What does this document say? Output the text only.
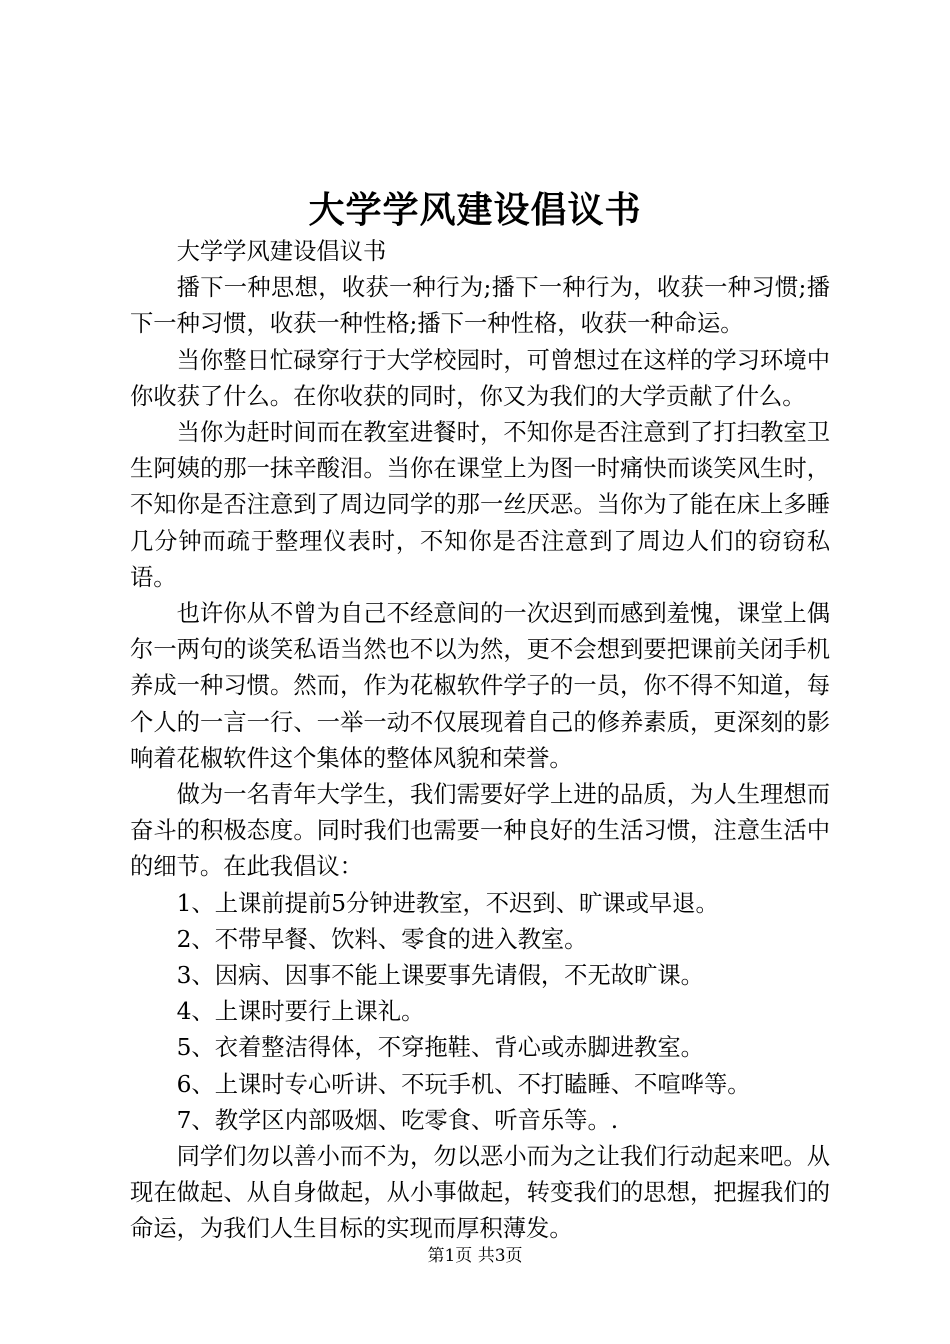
大学学风建设倡议书

大学学风建设倡议书

播下一种思想，收获一种行为;播下一种行为，收获一种习惯;播下一种习惯，收获一种性格;播下一种性格，收获一种命运。

当你整日忙碌穿行于大学校园时，可曾想过在这样的学习环境中你收获了什么。在你收获的同时，你又为我们的大学贡献了什么。

当你为赶时间而在教室进餐时，不知你是否注意到了打扫教室卫生阿姨的那一抹辛酸泪。当你在课堂上为图一时痛快而谈笑风生时，不知你是否注意到了周边同学的那一丝厌恶。当你为了能在床上多睡几分钟而疏于整理仪表时，不知你是否注意到了周边人们的窃窃私语。

也许你从不曾为自己不经意间的一次迟到而感到羞愧，课堂上偶尔一两句的谈笑私语当然也不以为然，更不会想到要把课前关闭手机养成一种习惯。然而，作为花椒软件学子的一员，你不得不知道，每个人的一言一行、一举一动不仅展现着自己的修养素质，更深刻的影响着花椒软件这个集体的整体风貌和荣誉。

做为一名青年大学生，我们需要好学上进的品质，为人生理想而奋斗的积极态度。同时我们也需要一种良好的生活习惯，注意生活中的细节。在此我倡议：

1、上课前提前5分钟进教室，不迟到、旷课或早退。

2、不带早餐、饮料、零食的进入教室。

3、因病、因事不能上课要事先请假，不无故旷课。

4、上课时要行上课礼。

5、衣着整洁得体，不穿拖鞋、背心或赤脚进教室。

6、上课时专心听讲、不玩手机、不打瞌睡、不喧哗等。

7、教学区内部吸烟、吃零食、听音乐等。.

同学们勿以善小而不为，勿以恶小而为之让我们行动起来吧。从现在做起、从自身做起，从小事做起，转变我们的思想，把握我们的命运，为我们人生目标的实现而厚积薄发。

第1页 共3页
